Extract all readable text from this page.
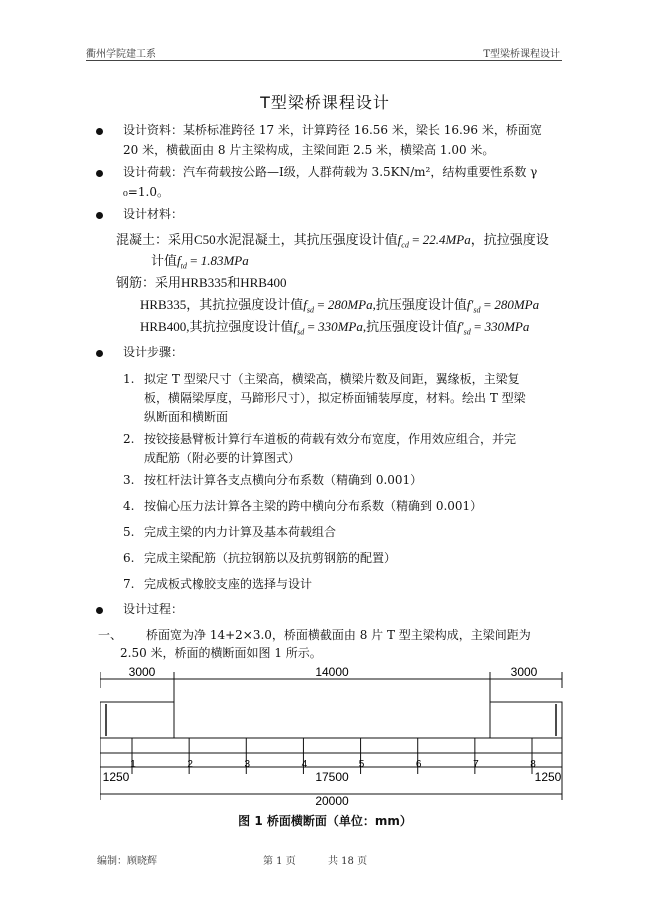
衢州学院建工系	T型梁桥课程设计
T型梁桥课程设计
设计资料：某桥标准跨径 17 米，计算跨径 16.56 米，梁长 16.96 米，桥面宽
20 米，横截面由 8 片主梁构成，主梁间距 2.5 米，横梁高 1.00 米。
设计荷载：汽车荷载按公路—Ⅰ级，人群荷载为 3.5KN/m²，结构重要性系数 γ
₀=1.0。
设计材料：
混凝土：采用C50水泥混凝土，其抗压强度设计值$f_{cd} = 22.4MPa$，抗拉强度设
计值$f_{td} = 1.83MPa$
钢筋：采用HRB335和HRB400
HRB335，其抗拉强度设计值$f_{sd} = 280MPa$,抗压强度设计值$f'_{sd} = 280MPa$
HRB400,其抗拉强度设计值$f_{sd} = 330MPa$,抗压强度设计值$f'_{sd} = 330MPa$
设计步骤：
1. 拟定 T 型梁尺寸（主梁高，横梁高，横梁片数及间距，翼缘板，主梁复
板，横隔梁厚度，马蹄形尺寸），拟定桥面铺装厚度，材料。绘出 T 型梁
纵断面和横断面
2. 按铰接悬臂板计算行车道板的荷载有效分布宽度，作用效应组合，并完
成配筋（附必要的计算图式）
3. 按杠杆法计算各支点横向分布系数（精确到 0.001）
4. 按偏心压力法计算各主梁的跨中横向分布系数（精确到 0.001）
5. 完成主梁的内力计算及基本荷载组合
6. 完成主梁配筋（抗拉钢筋以及抗剪钢筋的配置）
7. 完成板式橡胶支座的选择与设计
设计过程：
一、 桥面宽为净 14+2×3.0，桥面横截面由 8 片 T 型主梁构成，主梁间距为
2.50 米，桥面的横断面如图 1 所示。
1	2	3	4	5	6	7	8
3000	14000	3000
1250	17500	1250
20000
图 1 桥面横断面（单位：mm）
编制：顾晓辉	第 1 页	共 18 页
